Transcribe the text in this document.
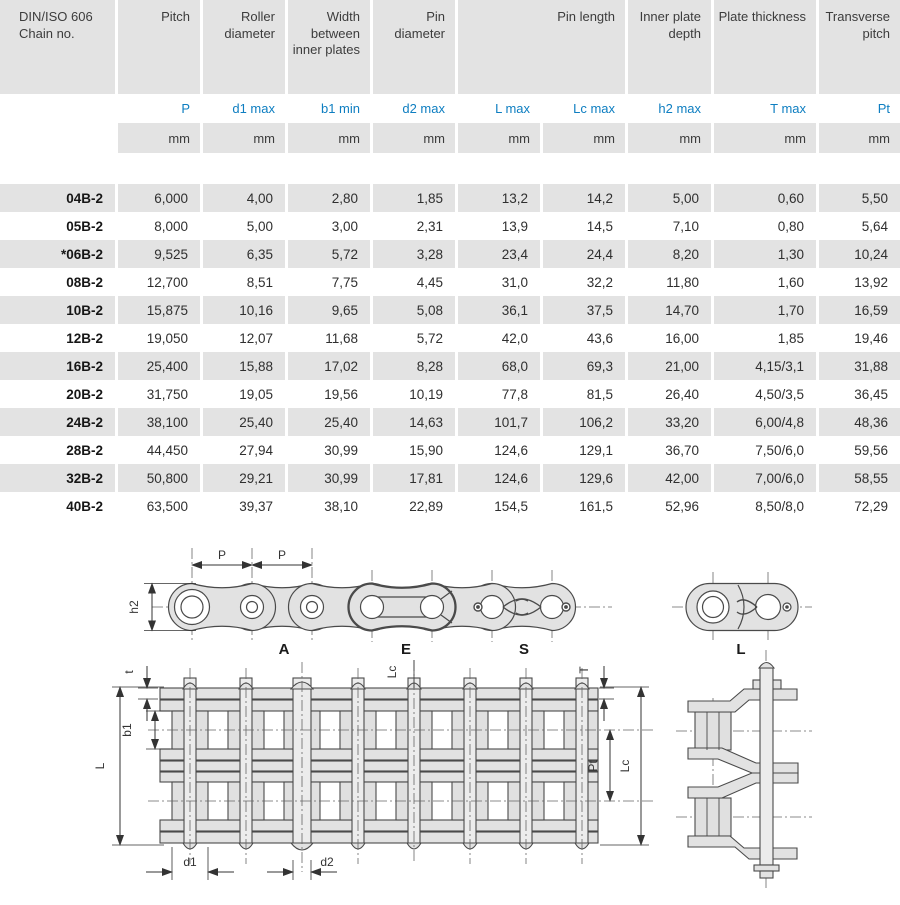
DIN/ISO 606
Chain no.	Pitch	Roller diameter	Width between inner plates	Pin diameter	Pin length		Inner plate depth	Plate thickness	Transverse pitch
	P	d1 max	b1 min	d2 max	L max	Lc max	h2 max	T max	Pt
	mm	mm	mm	mm	mm	mm	mm	mm	mm

04B-2	6,000	4,00	2,80	1,85	13,2	14,2	5,00	0,60	5,50
05B-2	8,000	5,00	3,00	2,31	13,9	14,5	7,10	0,80	5,64
*06B-2	9,525	6,35	5,72	3,28	23,4	24,4	8,20	1,30	10,24
08B-2	12,700	8,51	7,75	4,45	31,0	32,2	11,80	1,60	13,92
10B-2	15,875	10,16	9,65	5,08	36,1	37,5	14,70	1,70	16,59
12B-2	19,050	12,07	11,68	5,72	42,0	43,6	16,00	1,85	19,46
16B-2	25,400	15,88	17,02	8,28	68,0	69,3	21,00	4,15/3,1	31,88
20B-2	31,750	19,05	19,56	10,19	77,8	81,5	26,40	4,50/3,5	36,45
24B-2	38,100	25,40	25,40	14,63	101,7	106,2	33,20	6,00/4,8	48,36
28B-2	44,450	27,94	30,99	15,90	124,6	129,1	36,70	7,50/6,0	59,56
32B-2	50,800	29,21	30,99	17,81	124,6	129,6	42,00	7,00/6,0	58,55
40B-2	63,500	39,37	38,10	22,89	154,5	161,5	52,96	8,50/8,0	72,29
P	P
h2
A	E	S	L
L
t
b1
d1	d2
Lc	T
Pt Lc
